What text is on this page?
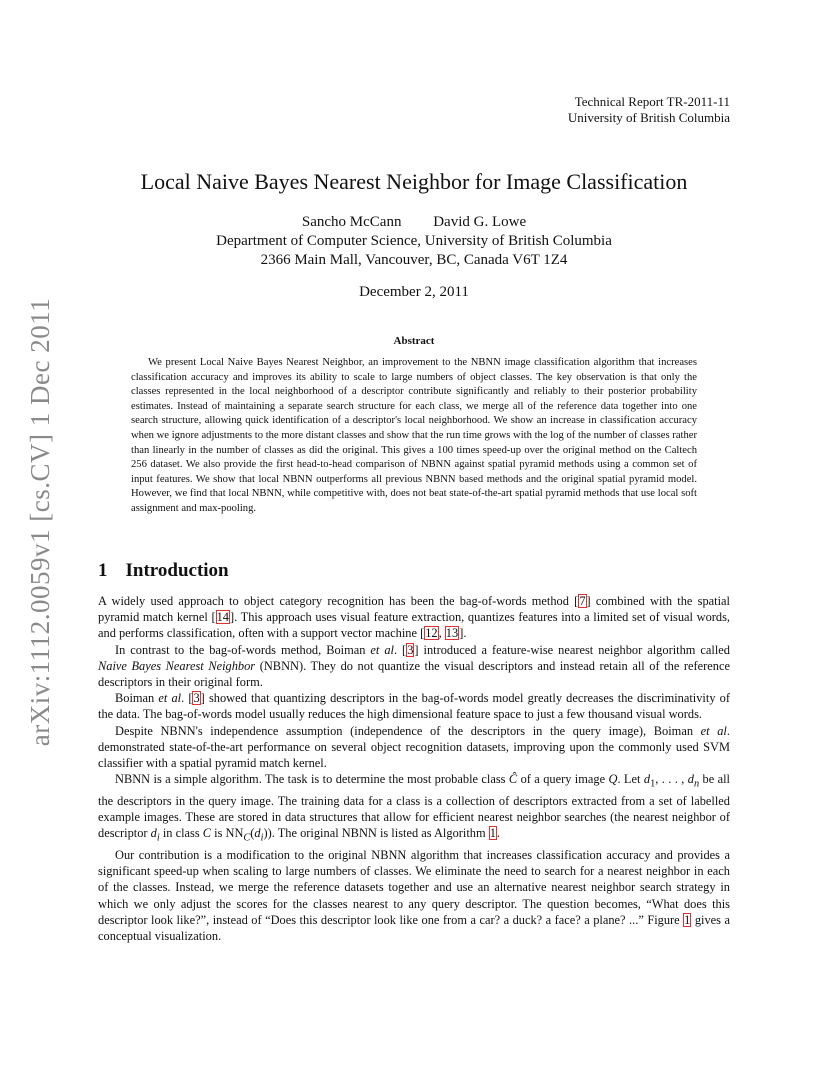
Technical Report TR-2011-11
University of British Columbia
arXiv:1112.0059v1 [cs.CV] 1 Dec 2011
Local Naive Bayes Nearest Neighbor for Image Classification
Sancho McCann David G. Lowe
Department of Computer Science, University of British Columbia
2366 Main Mall, Vancouver, BC, Canada V6T 1Z4
December 2, 2011
Abstract

We present Local Naive Bayes Nearest Neighbor, an improvement to the NBNN image classification algorithm that increases classification accuracy and improves its ability to scale to large numbers of object classes. The key observation is that only the classes represented in the local neighborhood of a descriptor contribute significantly and reliably to their posterior probability estimates. Instead of maintaining a separate search structure for each class, we merge all of the reference data together into one search structure, allowing quick identification of a descriptor's local neighborhood. We show an increase in classification accuracy when we ignore adjustments to the more distant classes and show that the run time grows with the log of the number of classes rather than linearly in the number of classes as did the original. This gives a 100 times speed-up over the original method on the Caltech 256 dataset. We also provide the first head-to-head comparison of NBNN against spatial pyramid methods using a common set of input features. We show that local NBNN outperforms all previous NBNN based methods and the original spatial pyramid model. However, we find that local NBNN, while competitive with, does not beat state-of-the-art spatial pyramid methods that use local soft assignment and max-pooling.

1 Introduction

A widely used approach to object category recognition has been the bag-of-words method [7] combined with the spatial pyramid match kernel [14]. This approach uses visual feature extraction, quantizes features into a limited set of visual words, and performs classification, often with a support vector machine [12, 13].

In contrast to the bag-of-words method, Boiman et al. [3] introduced a feature-wise nearest neighbor algorithm called Naive Bayes Nearest Neighbor (NBNN). They do not quantize the visual descriptors and instead retain all of the reference descriptors in their original form.

Boiman et al. [3] showed that quantizing descriptors in the bag-of-words model greatly decreases the discriminativity of the data. The bag-of-words model usually reduces the high dimensional feature space to just a few thousand visual words.

Despite NBNN's independence assumption (independence of the descriptors in the query image), Boiman et al. demonstrated state-of-the-art performance on several object recognition datasets, improving upon the commonly used SVM classifier with a spatial pyramid match kernel.

NBNN is a simple algorithm. The task is to determine the most probable class Ĉ of a query image Q. Let $d_1$, . . . , $d_n$ be all the descriptors in the query image. The training data for a class is a collection of descriptors extracted from a set of labelled example images. These are stored in data structures that allow for efficient nearest neighbor searches (the nearest neighbor of descriptor $d_i$ in class C is $NN_C(d_i)$). The original NBNN is listed as Algorithm 1.

Our contribution is a modification to the original NBNN algorithm that increases classification accuracy and provides a significant speed-up when scaling to large numbers of classes. We eliminate the need to search for a nearest neighbor in each of the classes. Instead, we merge the reference datasets together and use an alternative nearest neighbor search strategy in which we only adjust the scores for the classes nearest to any query descriptor. The question becomes, “What does this descriptor look like?”, instead of “Does this descriptor look like one from a car? a duck? a face? a plane? ...” Figure 1 gives a conceptual visualization.
